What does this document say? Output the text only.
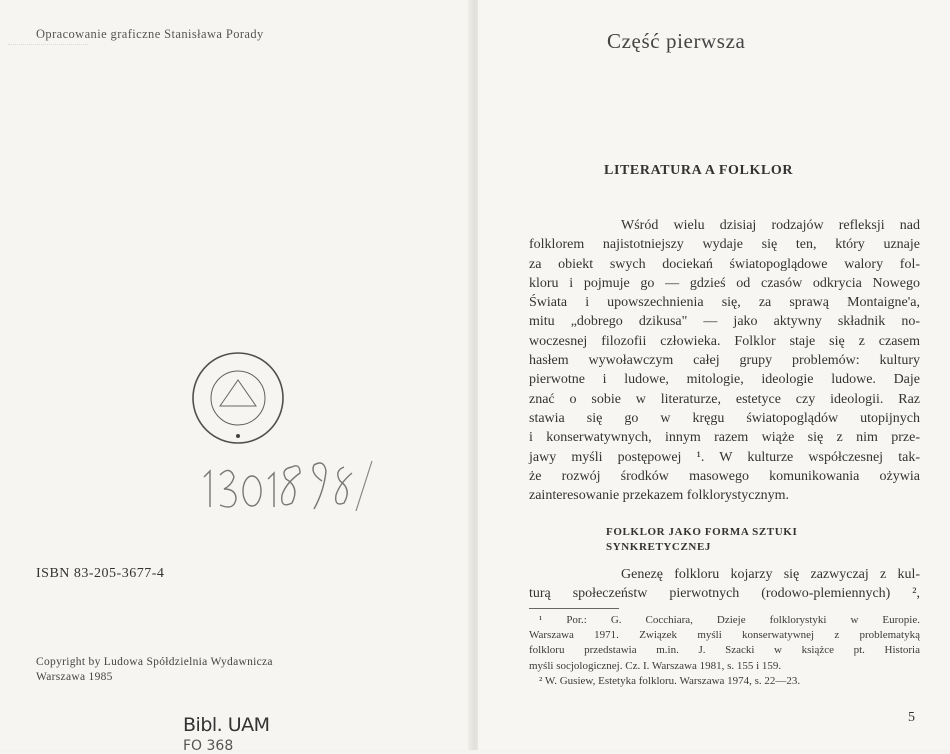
Opracowanie graficzne Stanisława Porady
ISBN 83-205-3677-4
Copyright by Ludowa Spółdzielnia Wydawnicza
Warszawa 1985
Bibl. UAM
FO 368
Część pierwsza
LITERATURA A FOLKLOR
Wśród wielu dzisiaj rodzajów refleksji nad
folklorem najistotniejszy wydaje się ten, który uznaje
za obiekt swych dociekań światopoglądowe walory fol-
kloru i pojmuje go — gdzieś od czasów odkrycia Nowego
Świata i upowszechnienia się, za sprawą Montaigne'a,
mitu „dobrego dzikusa" — jako aktywny składnik no-
woczesnej filozofii człowieka. Folklor staje się z czasem
hasłem wywoławczym całej grupy problemów: kultury
pierwotne i ludowe, mitologie, ideologie ludowe. Daje
znać o sobie w literaturze, estetyce czy ideologii. Raz
stawia się go w kręgu światopoglądów utopijnych
i konserwatywnych, innym razem wiąże się z nim prze-
jawy myśli postępowej ¹. W kulturze współczesnej tak-
że rozwój środków masowego komunikowania ożywia
zainteresowanie przekazem folklorystycznym.
FOLKLOR JAKO FORMA SZTUKI
SYNKRETYCZNEJ
Genezę folkloru kojarzy się zazwyczaj z kul-
turą społeczeństw pierwotnych (rodowo-plemiennych) ²,
¹ Por.: G. Cocchiara, Dzieje folklorystyki w Europie.
Warszawa 1971. Związek myśli konserwatywnej z problematyką
folkloru przedstawia m.in. J. Szacki w książce pt. Historia
myśli socjologicznej. Cz. I. Warszawa 1981, s. 155 i 159.
² W. Gusiew, Estetyka folkloru. Warszawa 1974, s. 22—23.
5
